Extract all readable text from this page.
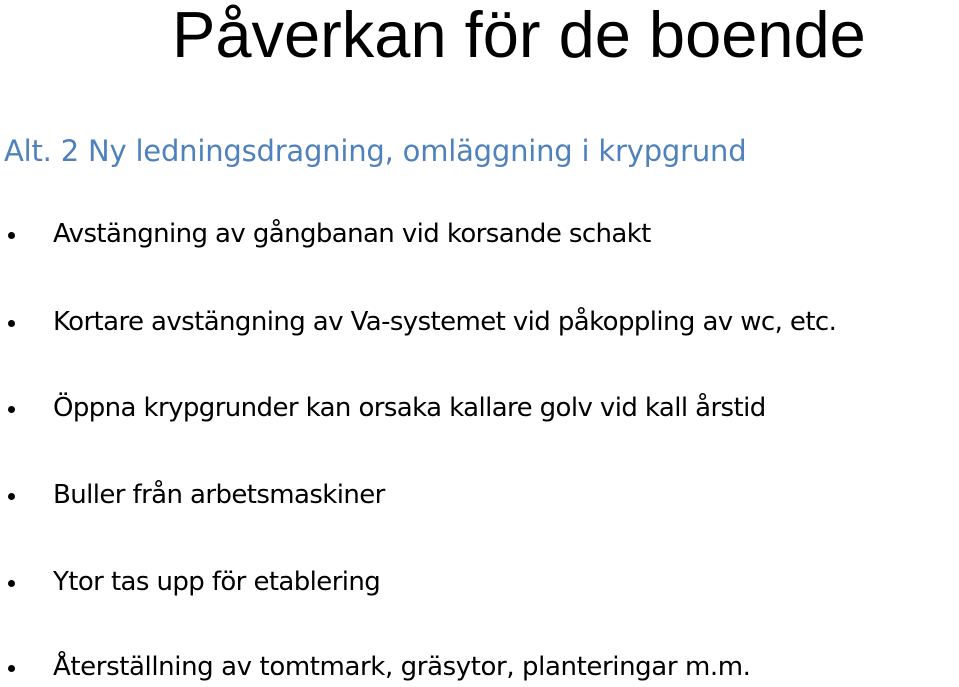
Påverkan för de boende
Alt. 2 Ny ledningsdragning, omläggning i krypgrund
Avstängning av gångbanan vid korsande schakt
Kortare avstängning av Va-systemet vid påkoppling av wc, etc.
Öppna krypgrunder kan orsaka kallare golv vid kall årstid
Buller från arbetsmaskiner
Ytor tas upp för etablering
Återställning av tomtmark, gräsytor, planteringar m.m.
